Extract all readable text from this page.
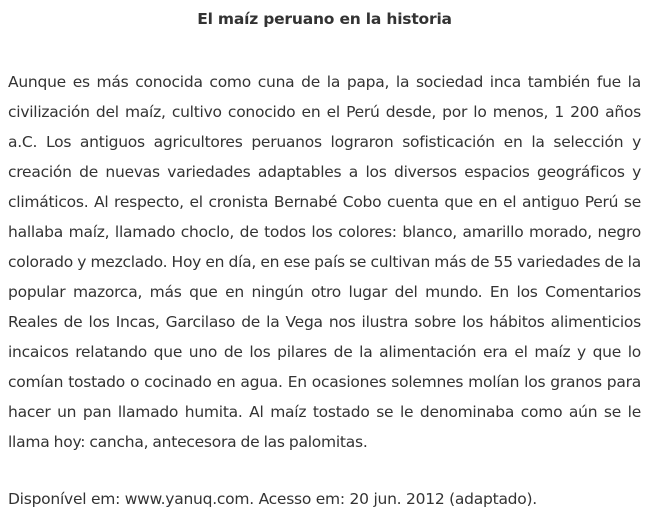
El maíz peruano en la historia

Aunque es más conocida como cuna de la papa, la sociedad inca también fue la
civilización del maíz, cultivo conocido en el Perú desde, por lo menos, 1 200 años
a.C. Los antiguos agricultores peruanos lograron sofisticación en la selección y
creación de nuevas variedades adaptables a los diversos espacios geográficos y
climáticos. Al respecto, el cronista Bernabé Cobo cuenta que en el antiguo Perú se
hallaba maíz, llamado choclo, de todos los colores: blanco, amarillo morado, negro
colorado y mezclado. Hoy en día, en ese país se cultivan más de 55 variedades de la
popular mazorca, más que en ningún otro lugar del mundo. En los Comentarios
Reales de los Incas, Garcilaso de la Vega nos ilustra sobre los hábitos alimenticios
incaicos relatando que uno de los pilares de la alimentación era el maíz y que lo
comían tostado o cocinado en agua. En ocasiones solemnes molían los granos para
hacer un pan llamado humita. Al maíz tostado se le denominaba como aún se le
llama hoy: cancha, antecesora de las palomitas.

Disponível em: www.yanuq.com. Acesso em: 20 jun. 2012 (adaptado).
